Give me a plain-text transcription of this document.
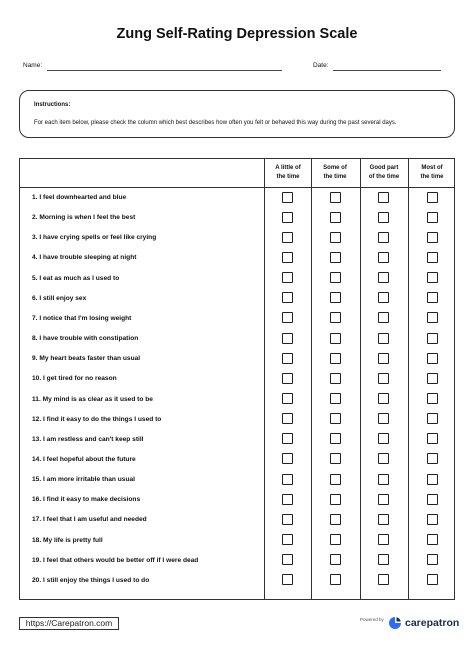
Zung Self-Rating Depression Scale
Name:	Date:
Instructions:
For each item below, please check the column which best describes how often you felt or behaved this way during the past several days.
A little of
the time
Some of
the time
Good part
of the time
Most of
the time
1. I feel downhearted and blue
2. Morning is when I feel the best
3. I have crying spells or feel like crying
4. I have trouble sleeping at night
5. I eat as much as I used to
6. I still enjoy sex
7. I notice that I'm losing weight
8. I have trouble with constipation
9. My heart beats faster than usual
10. I get tired for no reason
11. My mind is as clear as it used to be
12. I find it easy to do the things I used to
13. I am restless and can't keep still
14. I feel hopeful about the future
15. I am more irritable than usual
16. I find it easy to make decisions
17. I feel that I am useful and needed
18. My life is pretty full
19. I feel that others would be better off if I were dead
20. I still enjoy the things I used to do
https://Carepatron.com	Powered by carepatron
